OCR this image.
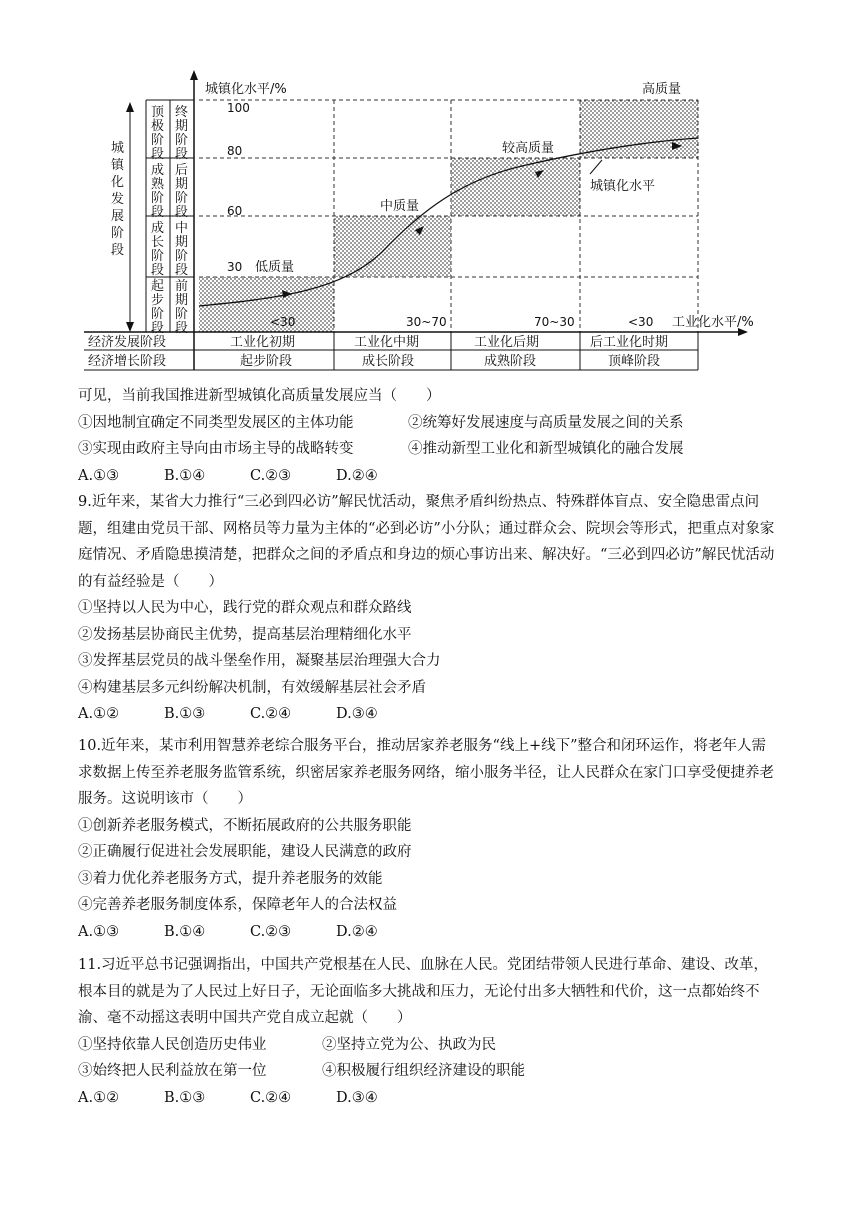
城镇化水平/%	高质量
工业化水平/%
100
80
60
30 低质量
中质量
较高质量
城镇化水平
<30	30~70	70~30	<30
城镇化发展阶段
顶极阶段
成熟阶段
成长阶段
起步阶段
终期阶段
后期阶段
中期阶段
前期阶段
经济发展阶段
经济增长阶段
工业化初期	工业化中期	工业化后期	后工业化时期
起步阶段	成长阶段	成熟阶段	顶峰阶段

可见，当前我国推进新型城镇化高质量发展应当（　　）

①因地制宜确定不同类型发展区的主体功能	②统筹好发展速度与高质量发展之间的关系
③实现由政府主导向由市场主导的战略转变	④推动新型工业化和新型城镇化的融合发展
A.①③	B.①④	C.②③	D.②④

9.近年来，某省大力推行“三必到四必访”解民忧活动，聚焦矛盾纠纷热点、特殊群体盲点、安全隐患雷点问题，组建由党员干部、网格员等力量为主体的“必到必访”小分队；通过群众会、院坝会等形式，把重点对象家庭情况、矛盾隐患摸清楚，把群众之间的矛盾点和身边的烦心事访出来、解决好。“三必到四必访”解民忧活动的有益经验是（　　）

①坚持以人民为中心，践行党的群众观点和群众路线

②发扬基层协商民主优势，提高基层治理精细化水平

③发挥基层党员的战斗堡垒作用，凝聚基层治理强大合力

④构建基层多元纠纷解决机制，有效缓解基层社会矛盾

A.①②	B.①③	C.②④	D.③④

10.近年来，某市利用智慧养老综合服务平台，推动居家养老服务“线上+线下”整合和闭环运作，将老年人需求数据上传至养老服务监管系统，织密居家养老服务网络，缩小服务半径，让人民群众在家门口享受便捷养老服务。这说明该市（　　）

①创新养老服务模式，不断拓展政府的公共服务职能

②正确履行促进社会发展职能，建设人民满意的政府

③着力优化养老服务方式，提升养老服务的效能

④完善养老服务制度体系，保障老年人的合法权益

A.①③	B.①④	C.②③	D.②④

11.习近平总书记强调指出，中国共产党根基在人民、血脉在人民。党团结带领人民进行革命、建设、改革，根本目的就是为了人民过上好日子，无论面临多大挑战和压力，无论付出多大牺牲和代价，这一点都始终不渝、毫不动摇这表明中国共产党自成立起就（　　）

①坚持依靠人民创造历史伟业	②坚持立党为公、执政为民
③始终把人民利益放在第一位	④积极履行组织经济建设的职能
A.①②	B.①③	C.②④	D.③④
